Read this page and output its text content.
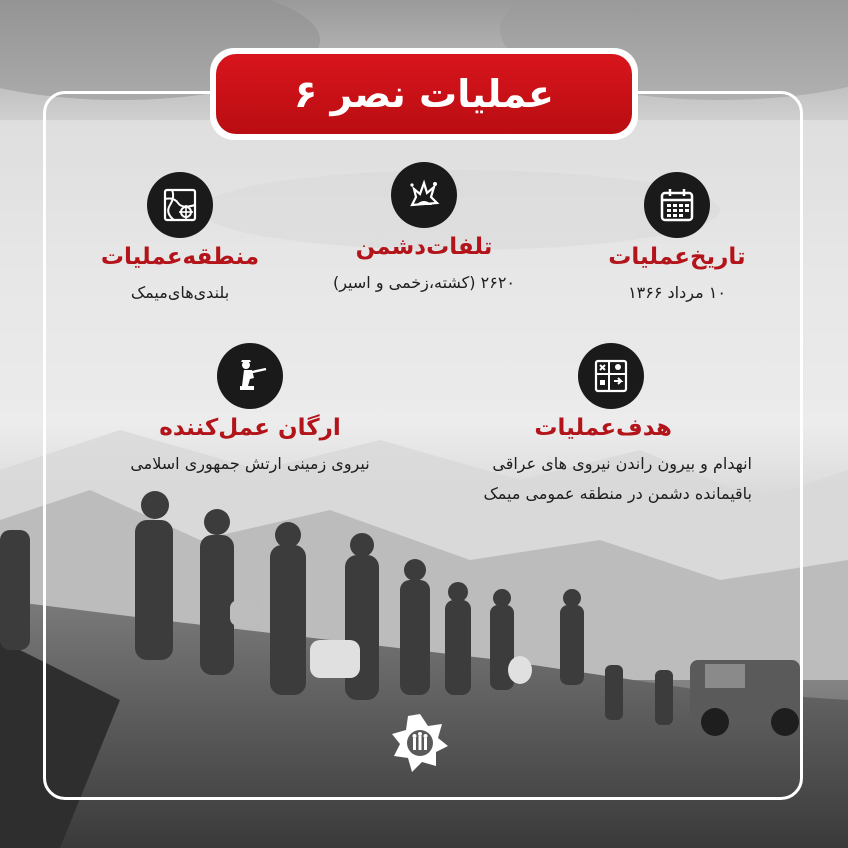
عملیات نصر ۶
تاریخ‌عملیات
۱۰ مرداد ۱۳۶۶
تلفات‌دشمن
۲۶۲۰ (کشته،زخمی و اسیر)
منطقه‌عملیات
بلندی‌های‌میمک
هدف‌عملیات
انهدام و بیرون راندن نیروی های عراقی
باقیمانده دشمن در منطقه عمومی میمک
ارگان عمل‌کننده
نیروی زمینی ارتش جمهوری اسلامی
